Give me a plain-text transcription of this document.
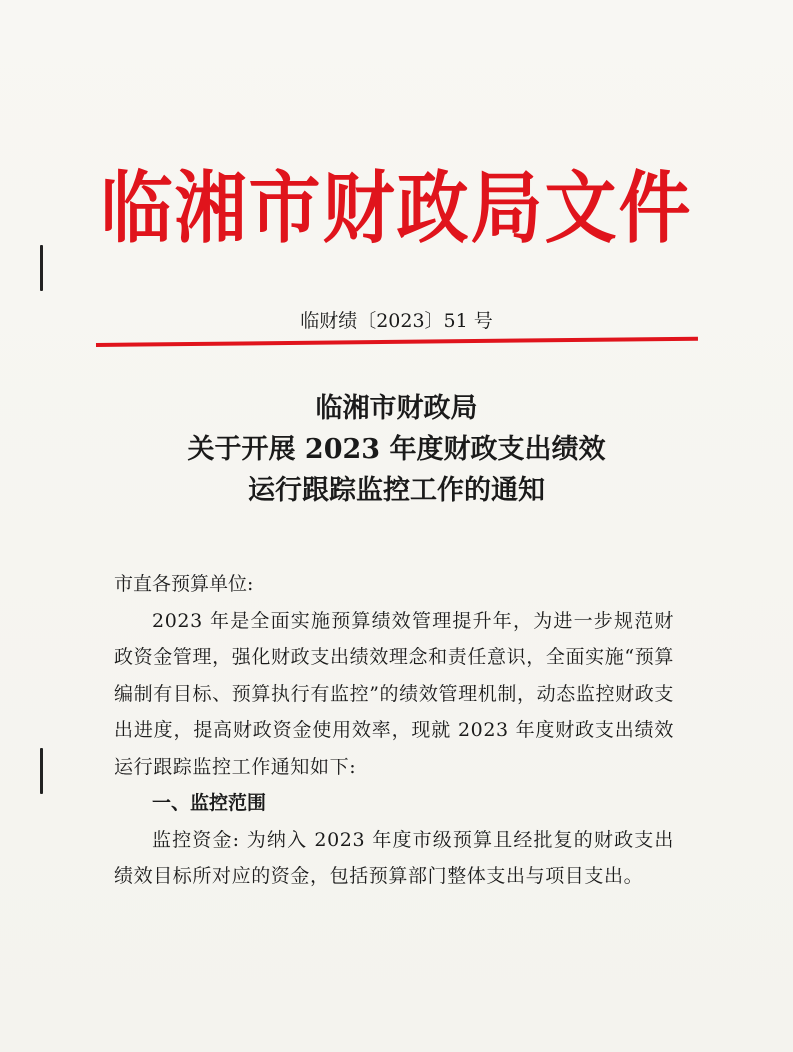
临湘市财政局文件
临财绩〔2023〕51 号
临湘市财政局
关于开展 2023 年度财政支出绩效
运行跟踪监控工作的通知
市直各预算单位:
2023 年是全面实施预算绩效管理提升年，为进一步规范财政资金管理，强化财政支出绩效理念和责任意识，全面实施“预算编制有目标、预算执行有监控”的绩效管理机制，动态监控财政支出进度，提高财政资金使用效率，现就 2023 年度财政支出绩效运行跟踪监控工作通知如下:
一、监控范围
监控资金: 为纳入 2023 年度市级预算且经批复的财政支出绩效目标所对应的资金，包括预算部门整体支出与项目支出。
